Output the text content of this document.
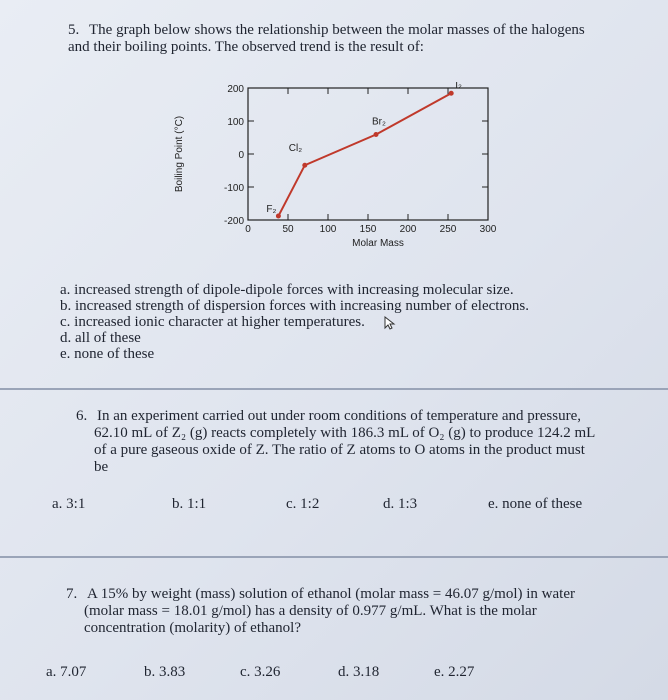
5. The graph below shows the relationship between the molar masses of the halogens
and their boiling points. The observed trend is the result of:
200
100
0
-100
-200
0	50	100 150 200 250 300
Molar Mass
Boiling Point (°C)
F₂
Cl₂
Br₂
I₂
a. increased strength of dipole-dipole forces with increasing molecular size.
b. increased strength of dispersion forces with increasing number of electrons.
c. increased ionic character at higher temperatures.
d. all of these
e. none of these
6. In an experiment carried out under room conditions of temperature and pressure,
62.10 mL of Z₂ (g) reacts completely with 186.3 mL of O₂ (g) to produce 124.2 mL
of a pure gaseous oxide of Z. The ratio of Z atoms to O atoms in the product must
be
a. 3:1	b. 1:1	c. 1:2	d. 1:3	e. none of these
7. A 15% by weight (mass) solution of ethanol (molar mass = 46.07 g/mol) in water
(molar mass = 18.01 g/mol) has a density of 0.977 g/mL. What is the molar
concentration (molarity) of ethanol?
a. 7.07	b. 3.83	c. 3.26	d. 3.18	e. 2.27
